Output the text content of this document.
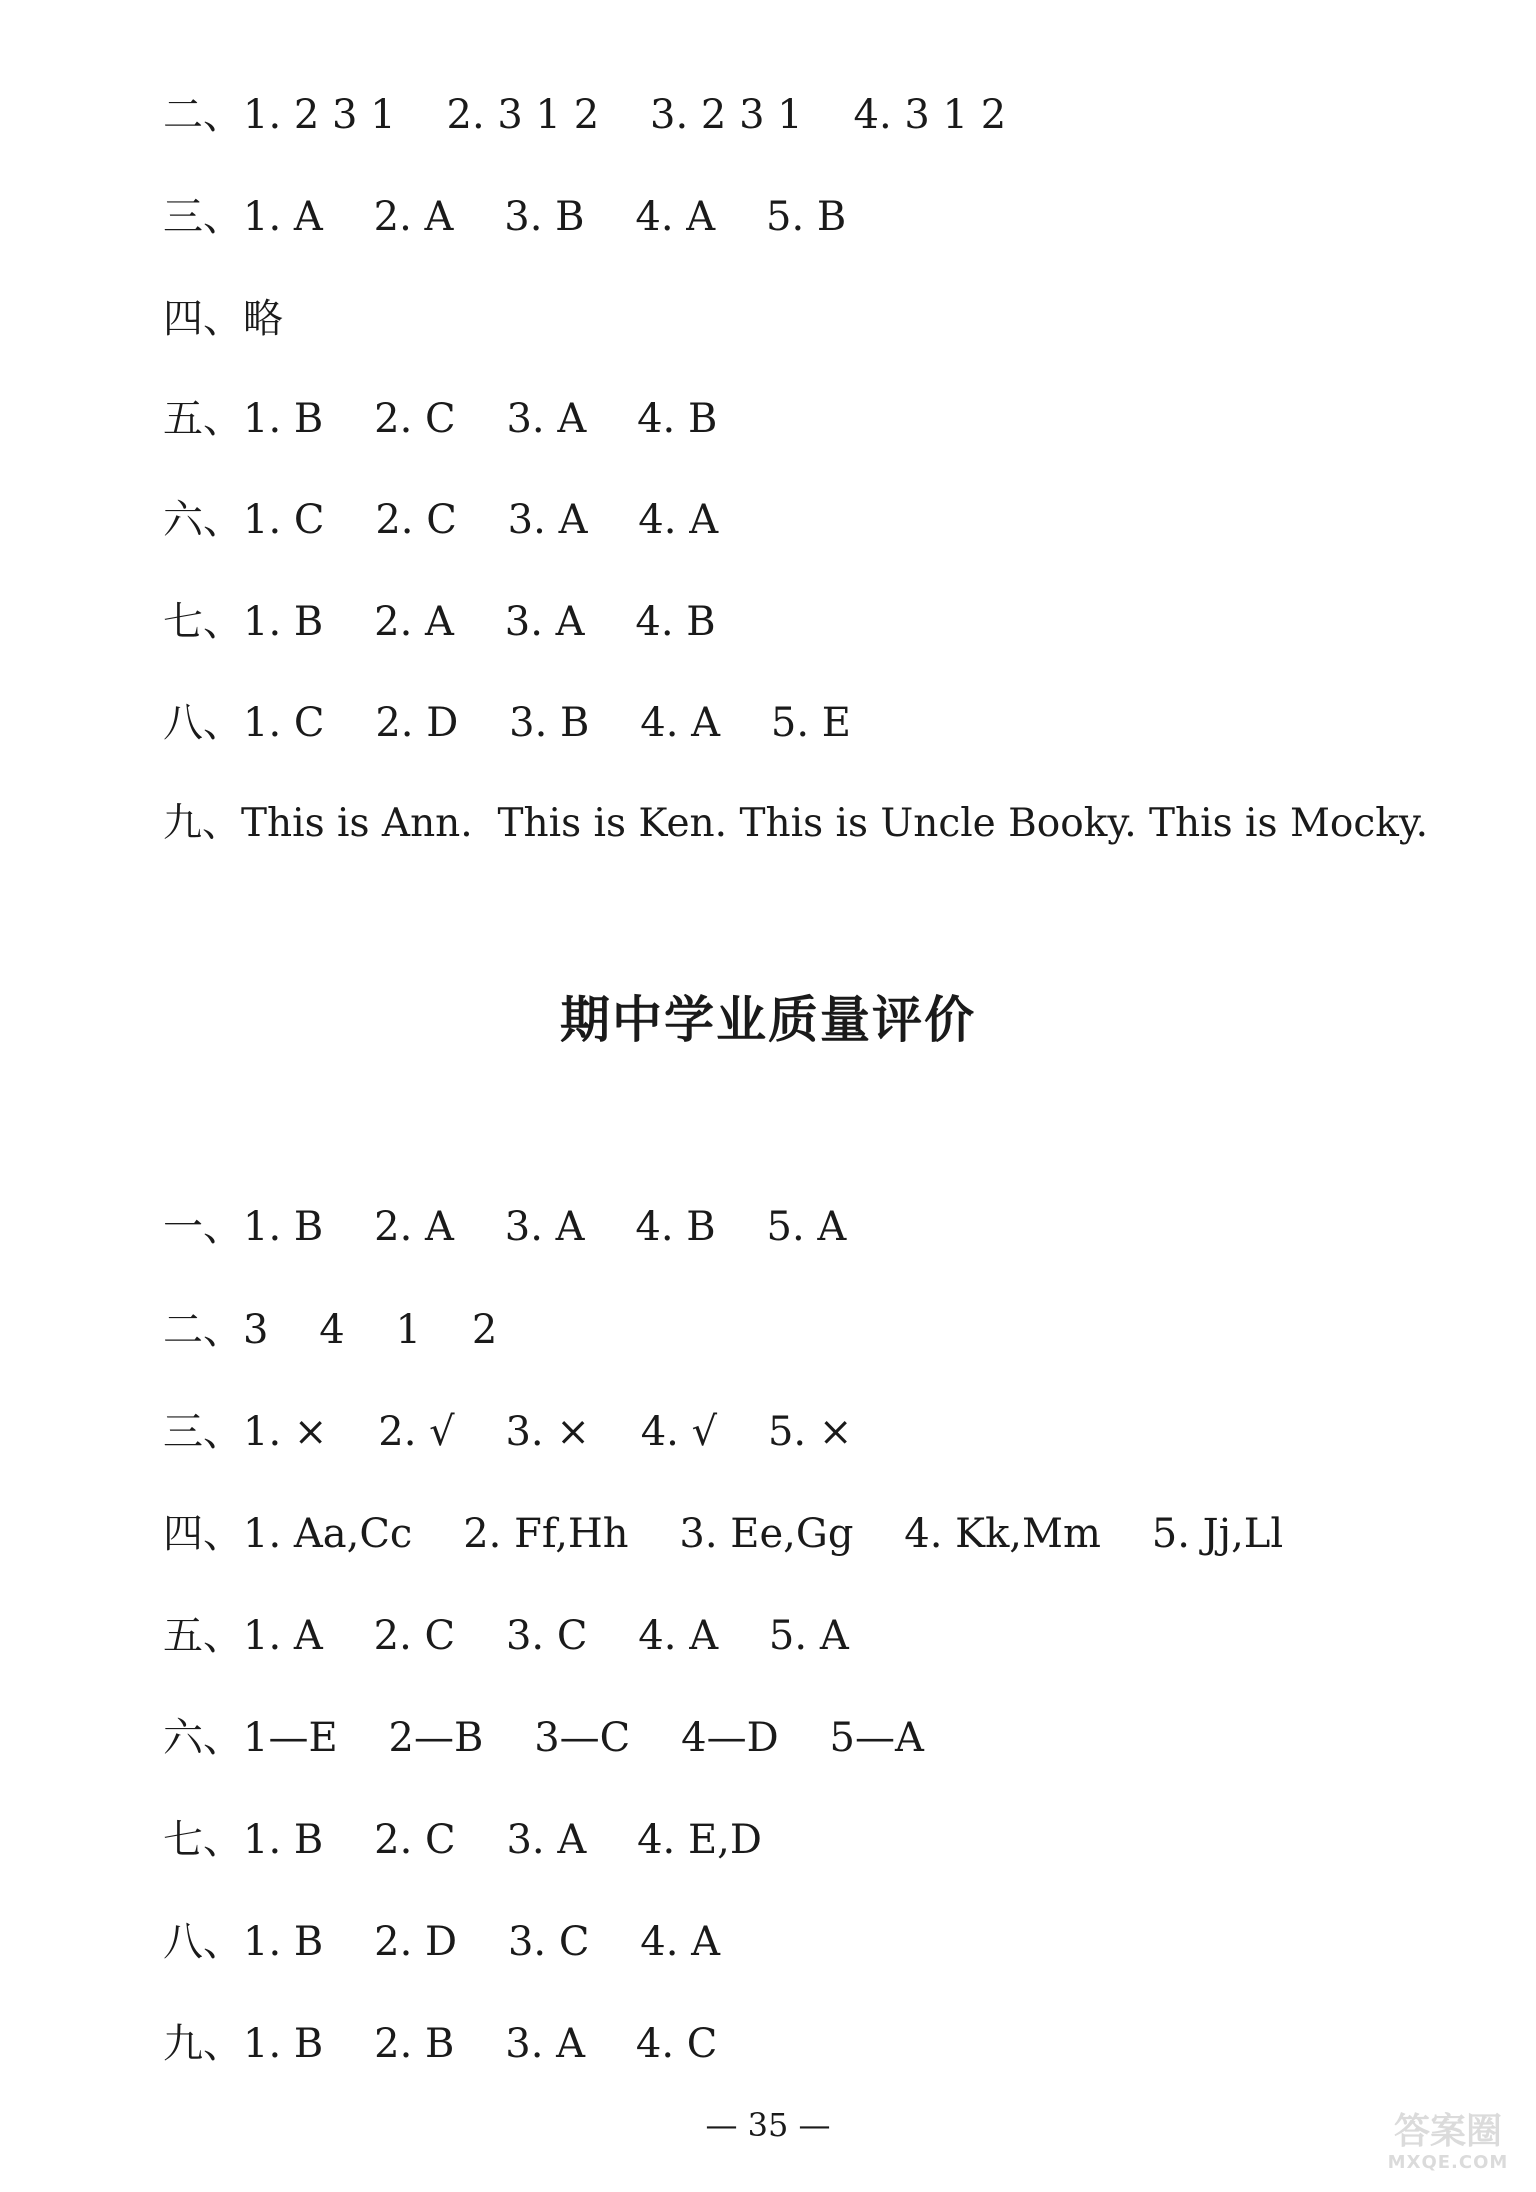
二、1. 2 3 1    2. 3 1 2    3. 2 3 1    4. 3 1 2
三、1. A    2. A    3. B    4. A    5. B
四、略
五、1. B    2. C    3. A    4. B
六、1. C    2. C    3. A    4. A
七、1. B    2. A    3. A    4. B
八、1. C    2. D    3. B    4. A    5. E
九、This is Ann.  This is Ken. This is Uncle Booky. This is Mocky.
期中学业质量评价
一、1. B    2. A    3. A    4. B    5. A
二、3    4    1    2
三、1. ×    2. √    3. ×    4. √    5. ×
四、1. Aa,Cc    2. Ff,Hh    3. Ee,Gg    4. Kk,Mm    5. Jj,Ll
五、1. A    2. C    3. C    4. A    5. A
六、1—E    2—B    3—C    4—D    5—A
七、1. B    2. C    3. A    4. E,D
八、1. B    2. D    3. C    4. A
九、1. B    2. B    3. A    4. C
— 35 —	答案圈
MXQE.COM
